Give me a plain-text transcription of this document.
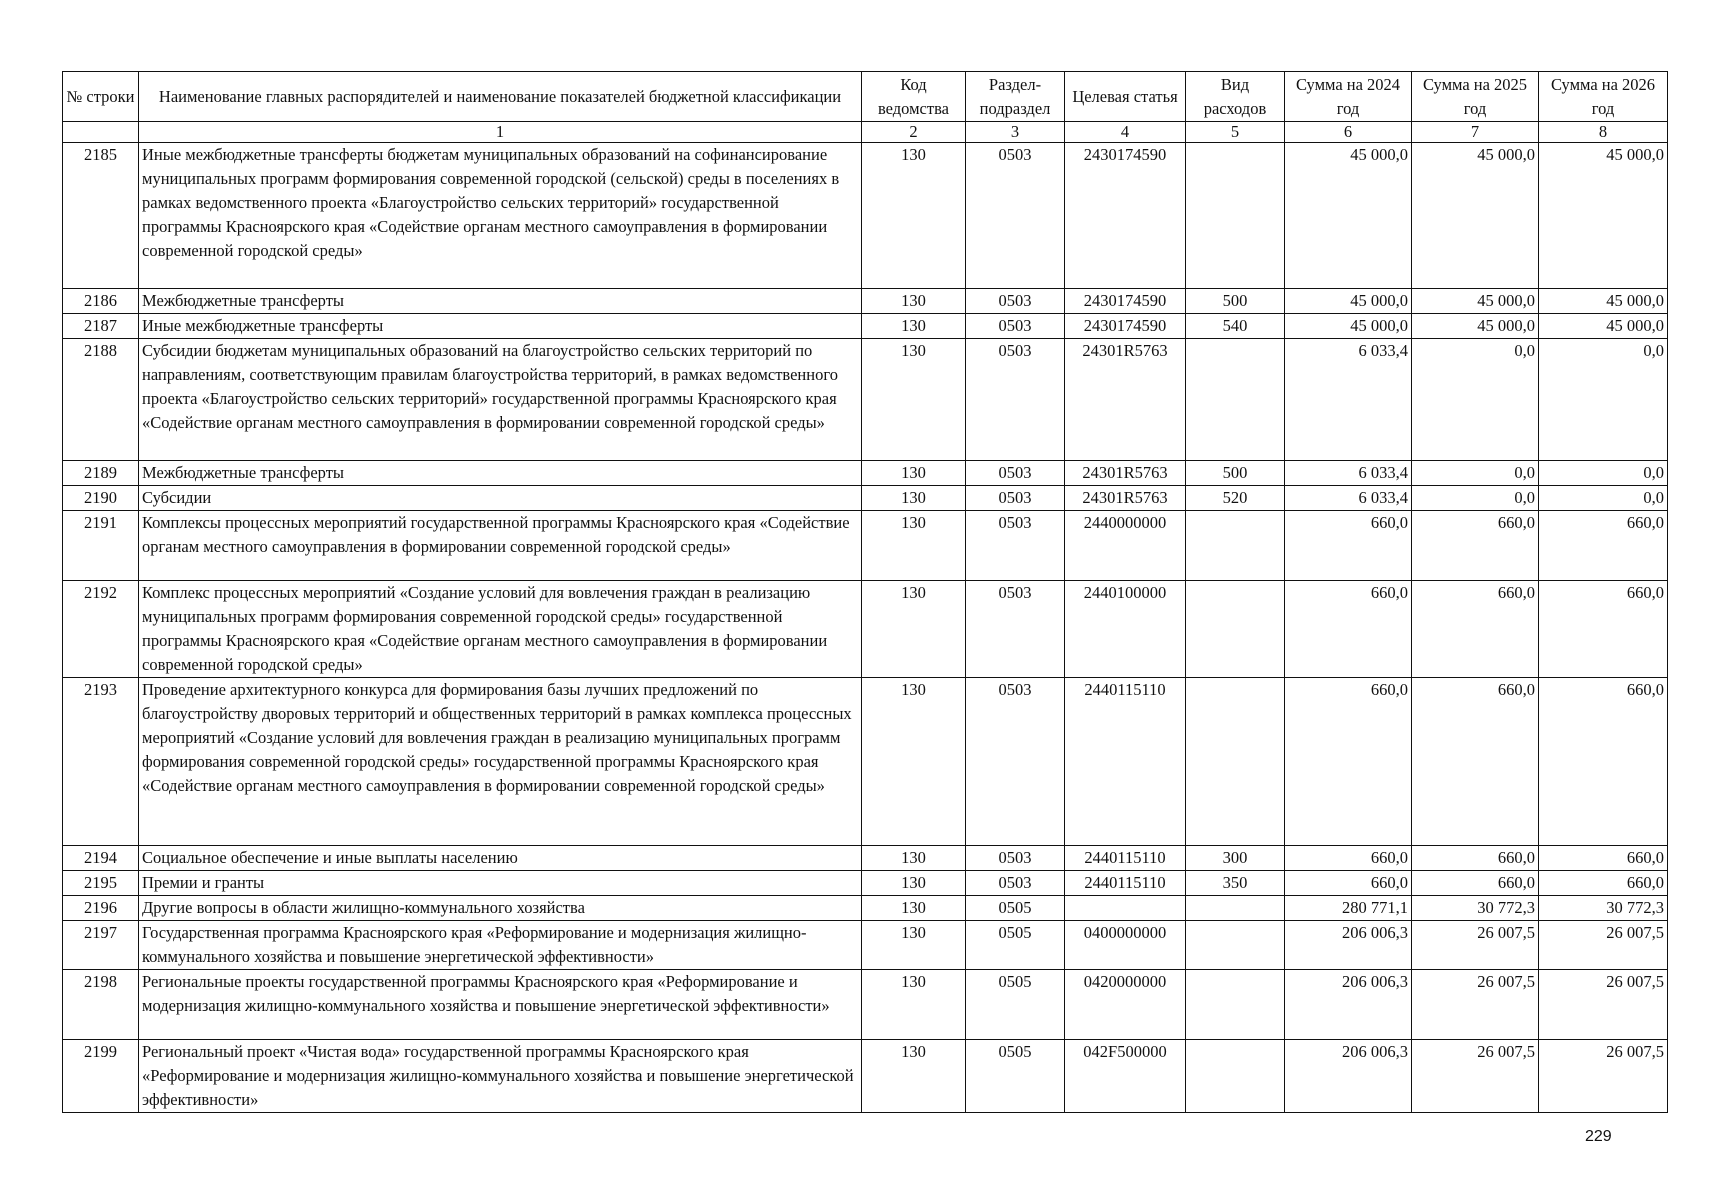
№ строки	Наименование главных распорядителей и наименование показателей бюджетной классификации	Код ведомства	Раздел-подраздел	Целевая статья	Вид расходов	Сумма на 2024 год	Сумма на 2025 год	Сумма на 2026 год
	1	2	3	4	5	6	7	8
2185	Иные межбюджетные трансферты бюджетам муниципальных образований на софинансирование муниципальных программ формирования современной городской (сельской) среды в поселениях в рамках ведомственного проекта «Благоустройство сельских территорий» государственной программы Красноярского края «Содействие органам местного самоуправления в формировании современной городской среды»	130	0503	2430174590		45 000,0	45 000,0	45 000,0
2186	Межбюджетные трансферты	130	0503	2430174590	500	45 000,0	45 000,0	45 000,0
2187	Иные межбюджетные трансферты	130	0503	2430174590	540	45 000,0	45 000,0	45 000,0
2188	Субсидии бюджетам муниципальных образований на благоустройство сельских территорий по направлениям, соответствующим правилам благоустройства территорий, в рамках ведомственного проекта «Благоустройство сельских территорий» государственной программы Красноярского края «Содействие органам местного самоуправления в формировании современной городской среды»	130	0503	24301R5763		6 033,4	0,0	0,0
2189	Межбюджетные трансферты	130	0503	24301R5763	500	6 033,4	0,0	0,0
2190	Субсидии	130	0503	24301R5763	520	6 033,4	0,0	0,0
2191	Комплексы процессных мероприятий государственной программы Красноярского края «Содействие органам местного самоуправления в формировании современной городской среды»	130	0503	2440000000		660,0	660,0	660,0
2192	Комплекс процессных мероприятий «Создание условий для вовлечения граждан в реализацию муниципальных программ формирования современной городской среды» государственной программы Красноярского края «Содействие органам местного самоуправления в формировании современной городской среды»	130	0503	2440100000		660,0	660,0	660,0
2193	Проведение архитектурного конкурса для формирования базы лучших предложений по благоустройству дворовых территорий и общественных территорий в рамках комплекса процессных мероприятий «Создание условий для вовлечения граждан в реализацию муниципальных программ формирования современной городской среды» государственной программы Красноярского края «Содействие органам местного самоуправления в формировании современной городской среды»	130	0503	2440115110		660,0	660,0	660,0
2194	Социальное обеспечение и иные выплаты населению	130	0503	2440115110	300	660,0	660,0	660,0
2195	Премии и гранты	130	0503	2440115110	350	660,0	660,0	660,0
2196	Другие вопросы в области жилищно-коммунального хозяйства	130	0505			280 771,1	30 772,3	30 772,3
2197	Государственная программа Красноярского края «Реформирование и модернизация жилищно-коммунального хозяйства и повышение энергетической эффективности»	130	0505	0400000000		206 006,3	26 007,5	26 007,5
2198	Региональные проекты государственной программы Красноярского края «Реформирование и модернизация жилищно-коммунального хозяйства и повышение энергетической эффективности»	130	0505	0420000000		206 006,3	26 007,5	26 007,5
2199	Региональный проект «Чистая вода» государственной программы Красноярского края «Реформирование и модернизация жилищно-коммунального хозяйства и повышение энергетической эффективности»	130	0505	042F500000		206 006,3	26 007,5	26 007,5
229
